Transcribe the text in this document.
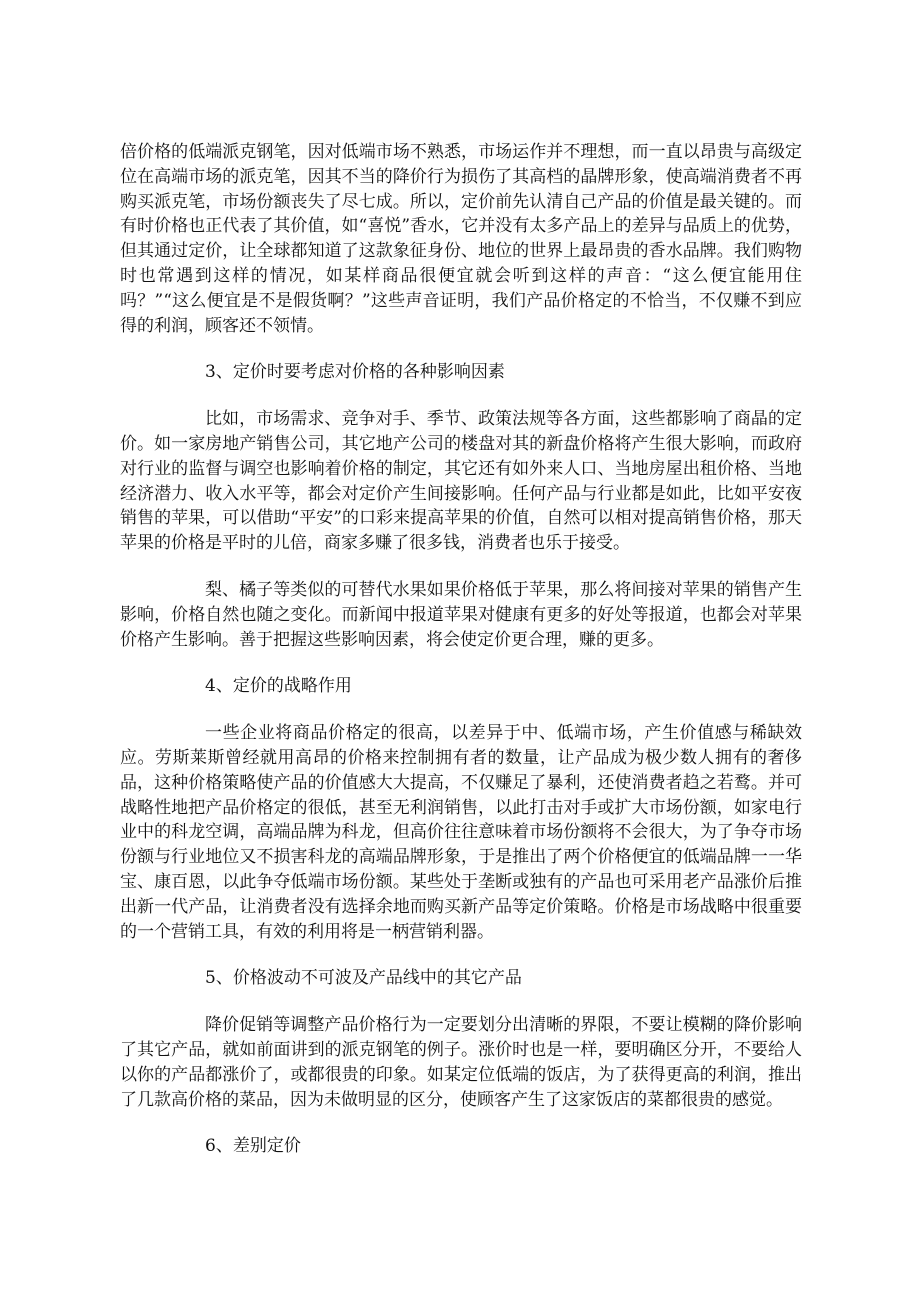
倍价格的低端派克钢笔，因对低端市场不熟悉，市场运作并不理想，而一直以昂贵与高级定位在高端市场的派克笔，因其不当的降价行为损伤了其高档的晶牌形象，使高端消费者不再购买派克笔，市场份额丧失了尽七成。所以，定价前先认清自己产品的价值是最关键的。而有时价格也正代表了其价值，如“喜悦”香水，它并没有太多产品上的差异与品质上的优势，但其通过定价，让全球都知道了这款象征身份、地位的世界上最昂贵的香水品牌。我们购物时也常遇到这样的情况，如某样商品很便宜就会听到这样的声音：“这么便宜能用住吗？”“这么便宜是不是假货啊？”这些声音证明，我们产品价格定的不恰当，不仅赚不到应得的利润，顾客还不领情。

3、定价时要考虑对价格的各种影响因素

比如，市场需求、竞争对手、季节、政策法规等各方面，这些都影响了商晶的定价。如一家房地产销售公司，其它地产公司的楼盘对其的新盘价格将产生很大影响，而政府对行业的监督与调空也影响着价格的制定，其它还有如外来人口、当地房屋出租价格、当地经济潜力、收入水平等，都会对定价产生间接影响。任何产品与行业都是如此，比如平安夜销售的苹果，可以借助“平安”的口彩来提高苹果的价值，自然可以相对提高销售价格，那天苹果的价格是平时的儿倍，商家多赚了很多钱，消费者也乐于接受。

梨、橘子等类似的可替代水果如果价格低于苹果，那么将间接对苹果的销售产生影响，价格自然也随之变化。而新闻中报道苹果对健康有更多的好处等报道，也都会对苹果价格产生影响。善于把握这些影响因素，将会使定价更合理，赚的更多。

4、定价的战略作用

一些企业将商品价格定的很高，以差异于中、低端市场，产生价值感与稀缺效应。劳斯莱斯曾经就用高昂的价格来控制拥有者的数量，让产品成为极少数人拥有的奢侈品，这种价格策略使产品的价值感大大提高，不仅赚足了暴利，还使消费者趋之若鹜。并可战略性地把产品价格定的很低，甚至无利润销售，以此打击对手或扩大市场份额，如家电行业中的科龙空调，高端品牌为科龙，但高价往往意味着市场份额将不会很大，为了争夺市场份额与行业地位又不损害科龙的高端品牌形象，于是推出了两个价格便宜的低端品牌一一华宝、康百恩，以此争夺低端市场份额。某些处于垄断或独有的产品也可采用老产品涨价后推出新一代产品，让消费者没有选择余地而购买新产品等定价策略。价格是市场战略中很重要的一个营销工具，有效的利用将是一柄营销利器。

5、价格波动不可波及产品线中的其它产品

降价促销等调整产品价格行为一定要划分出清晰的界限，不要让模糊的降价影响了其它产品，就如前面讲到的派克钢笔的例子。涨价时也是一样，要明确区分开，不要给人以你的产品都涨价了，或都很贵的印象。如某定位低端的饭店，为了获得更高的利润，推出了几款高价格的菜品，因为未做明显的区分，使顾客产生了这家饭店的菜都很贵的感觉。

6、差别定价
